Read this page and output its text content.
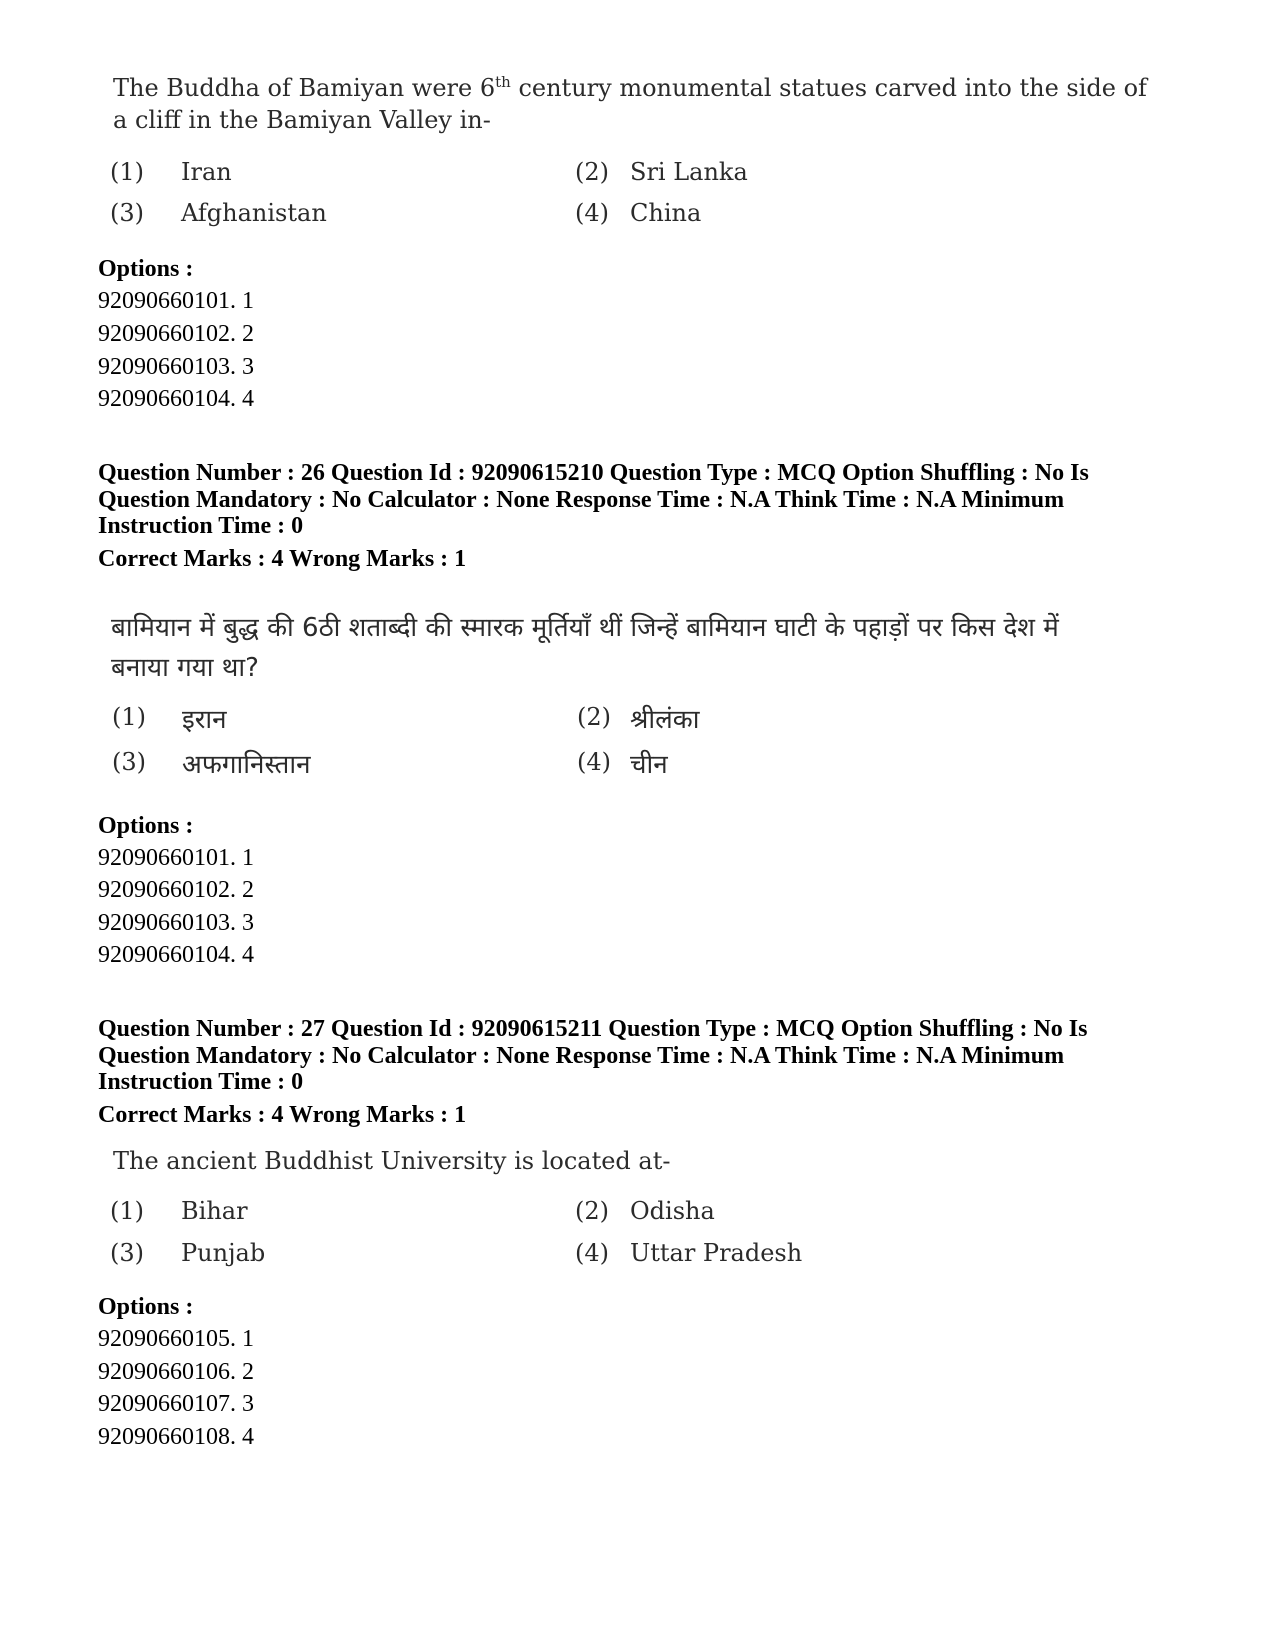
The Buddha of Bamiyan were 6th century monumental statues carved into the side of
a cliff in the Bamiyan Valley in-
(1) Iran	(2) Sri Lanka
(3) Afghanistan	(4) China
Options :
92090660101. 1
92090660102. 2
92090660103. 3
92090660104. 4
Question Number : 26 Question Id : 92090615210 Question Type : MCQ Option Shuffling : No Is
Question Mandatory : No Calculator : None Response Time : N.A Think Time : N.A Minimum
Instruction Time : 0
Correct Marks : 4 Wrong Marks : 1
बामियान में बुद्ध की 6ठी शताब्दी की स्मारक मूर्तियाँ थीं जिन्हें बामियान घाटी के पहाड़ों पर किस देश में
बनाया गया था?
(1) इरान	(2) श्रीलंका
(3) अफगानिस्तान	(4) चीन
Options :
92090660101. 1
92090660102. 2
92090660103. 3
92090660104. 4
Question Number : 27 Question Id : 92090615211 Question Type : MCQ Option Shuffling : No Is
Question Mandatory : No Calculator : None Response Time : N.A Think Time : N.A Minimum
Instruction Time : 0
Correct Marks : 4 Wrong Marks : 1
The ancient Buddhist University is located at-
(1) Bihar	(2) Odisha
(3) Punjab	(4) Uttar Pradesh
Options :
92090660105. 1
92090660106. 2
92090660107. 3
92090660108. 4
